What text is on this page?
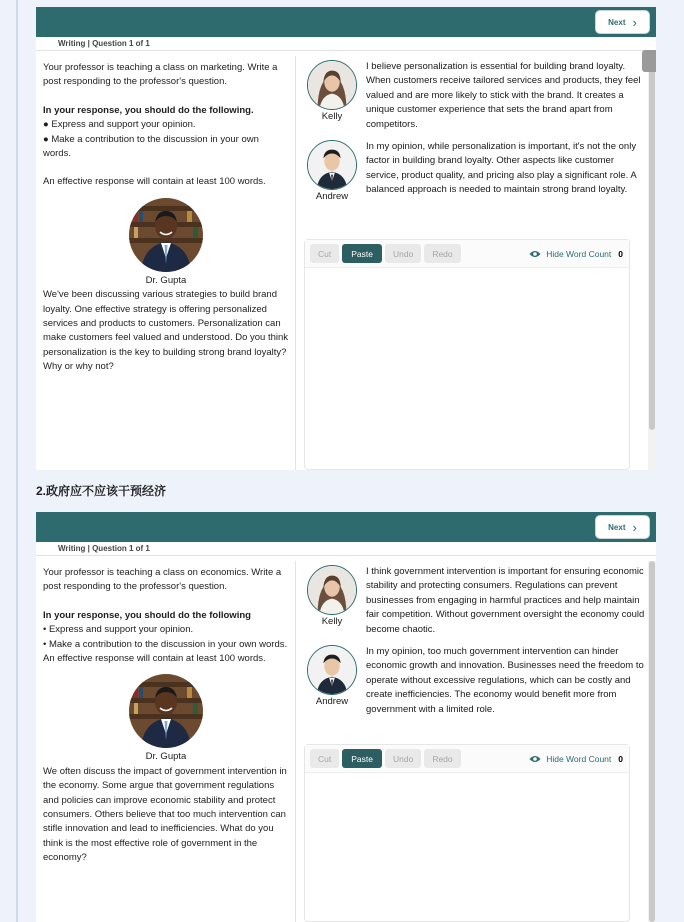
Next ›
Writing | Question 1 of 1

Your professor is teaching a class on marketing. Write a post responding to the professor's question.

In your response, you should do the following.

● Express and support your opinion.

● Make a contribution to the discussion in your own words.

An effective response will contain at least 100 words.

Dr. Gupta

We've been discussing various strategies to build brand loyalty. One effective strategy is offering personalized services and products to customers. Personalization can make customers feel valued and understood. Do you think personalization is the key to building strong brand loyalty? Why or why not?

Kelly
I believe personalization is essential for building brand loyalty. When customers receive tailored services and products, they feel valued and are more likely to stick with the brand. It creates a unique customer experience that sets the brand apart from competitors.
Andrew
In my opinion, while personalization is important, it's not the only factor in building brand loyalty. Other aspects like customer service, product quality, and pricing also play a significant role. A balanced approach is needed to maintain strong brand loyalty.
Cut	Paste	Undo	Redo	Hide Word Count 0
2.政府应不应该干预经济
Next ›
Writing | Question 1 of 1

Your professor is teaching a class on economics. Write a post responding to the professor's question.

In your response, you should do the following

• Express and support your opinion.

• Make a contribution to the discussion in your own words.

An effective response will contain at least 100 words.

Dr. Gupta

We often discuss the impact of government intervention in the economy. Some argue that government regulations and policies can improve economic stability and protect consumers. Others believe that too much intervention can stifle innovation and lead to inefficiencies. What do you think is the most effective role of government in the economy?

Kelly
I think government intervention is important for ensuring economic stability and protecting consumers. Regulations can prevent businesses from engaging in harmful practices and help maintain fair competition. Without government oversight the economy could become chaotic.
Andrew
In my opinion, too much government intervention can hinder economic growth and innovation. Businesses need the freedom to operate without excessive regulations, which can be costly and create inefficiencies. The economy would benefit more from government with a limited role.
Cut	Paste	Undo	Redo	Hide Word Count 0
